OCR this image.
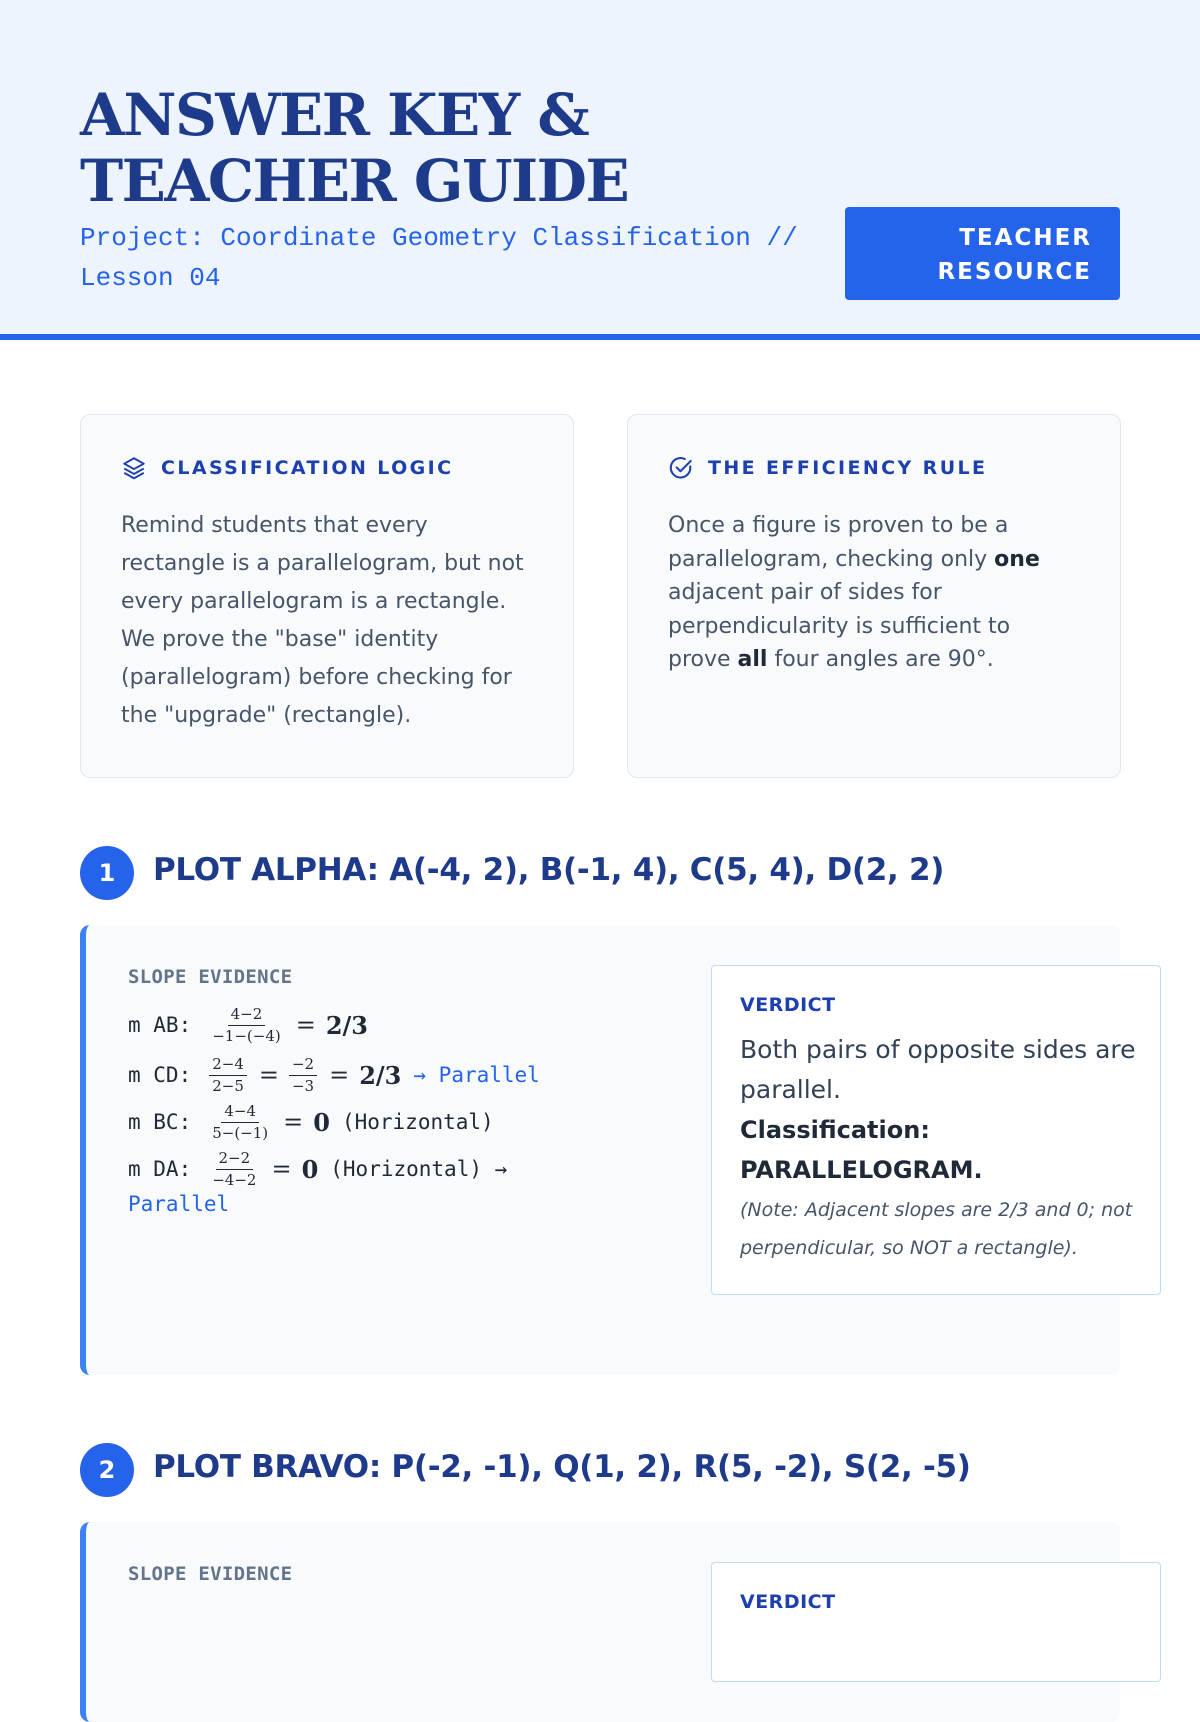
ANSWER KEY & TEACHER GUIDE
Project: Coordinate Geometry Classification // Lesson 04
TEACHER RESOURCE
CLASSIFICATION LOGIC
Remind students that every rectangle is a parallelogram, but not every parallelogram is a rectangle. We prove the "base" identity (parallelogram) before checking for the "upgrade" (rectangle).
THE EFFICIENCY RULE
Once a figure is proven to be a parallelogram, checking only one adjacent pair of sides for perpendicularity is sufficient to prove all four angles are 90°.
1	PLOT ALPHA: A(-4, 2), B(-1, 4), C(5, 4), D(2, 2)
SLOPE EVIDENCE
m AB: $\frac{4-2}{-1-(-4)} = 2/3$
m CD: $\frac{2-4}{2-5} = \frac{-2}{-3} = 2/3$ → Parallel
m BC: $\frac{4-4}{5-(-1)} = 0$ (Horizontal)
m DA: $\frac{2-2}{-4-2} = 0$ (Horizontal) →
Parallel
VERDICT
Both pairs of opposite sides are parallel.
Classification: PARALLELOGRAM.
(Note: Adjacent slopes are 2/3 and 0; not perpendicular, so NOT a rectangle).
2	PLOT BRAVO: P(-2, -1), Q(1, 2), R(5, -2), S(2, -5)
SLOPE EVIDENCE
VERDICT
